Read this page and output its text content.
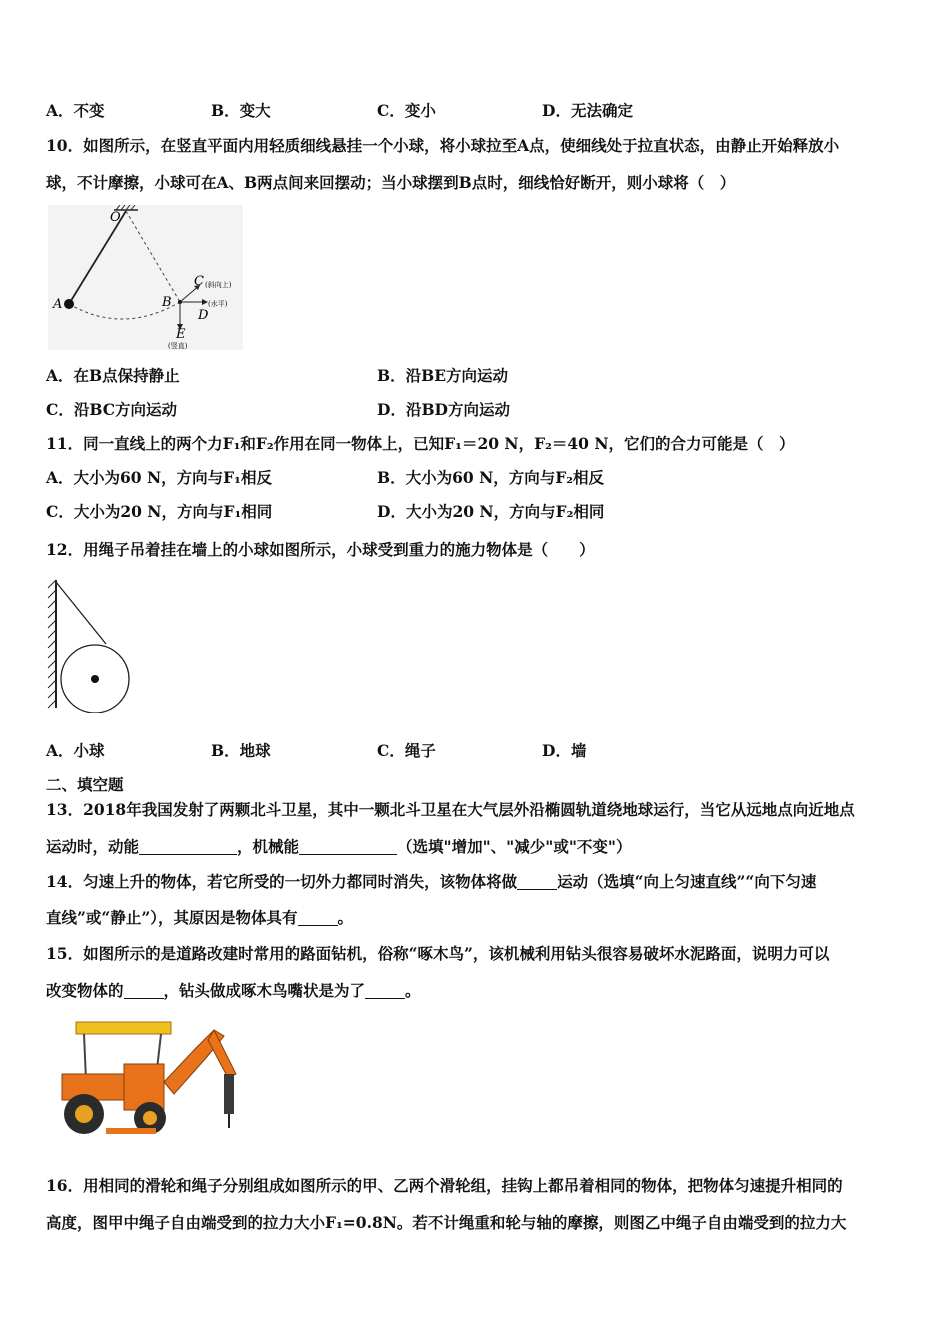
A．不变	B．变大	C．变小	D．无法确定
10．如图所示，在竖直平面内用轻质细线悬挂一个小球，将小球拉至A点，使细线处于拉直状态，由静止开始释放小
球，不计摩擦，小球可在A、B两点间来回摆动；当小球摆到B点时，细线恰好断开，则小球将（　）
O
A	B
C (斜向上)
D
(水平)
E
(竖直)
A．在B点保持静止	B．沿BE方向运动
C．沿BC方向运动	D．沿BD方向运动
11．同一直线上的两个力F₁和F₂作用在同一物体上，已知F₁＝20 N，F₂＝40 N，它们的合力可能是（　）
A．大小为60 N，方向与F₁相反	B．大小为60 N，方向与F₂相反
C．大小为20 N，方向与F₁相同	D．大小为20 N，方向与F₂相同
12．用绳子吊着挂在墙上的小球如图所示，小球受到重力的施力物体是（　　）
A．小球	B．地球	C．绳子	D．墙
二、填空题
13．2018年我国发射了两颗北斗卫星，其中一颗北斗卫星在大气层外沿椭圆轨道绕地球运行，当它从远地点向近地点
运动时，动能	，机械能	（选填"增加"、"减少"或"不变"）
14．匀速上升的物体，若它所受的一切外力都同时消失，该物体将做	运动（选填“向上匀速直线”“向下匀速
直线”或“静止”），其原因是物体具有	。
15．如图所示的是道路改建时常用的路面钻机，俗称“啄木鸟”，该机械利用钻头很容易破坏水泥路面，说明力可以
改变物体的	，钻头做成啄木鸟嘴状是为了	。
16．用相同的滑轮和绳子分别组成如图所示的甲、乙两个滑轮组，挂钩上都吊着相同的物体，把物体匀速提升相同的
高度，图甲中绳子自由端受到的拉力大小F₁=0.8N。若不计绳重和轮与轴的摩擦，则图乙中绳子自由端受到的拉力大
